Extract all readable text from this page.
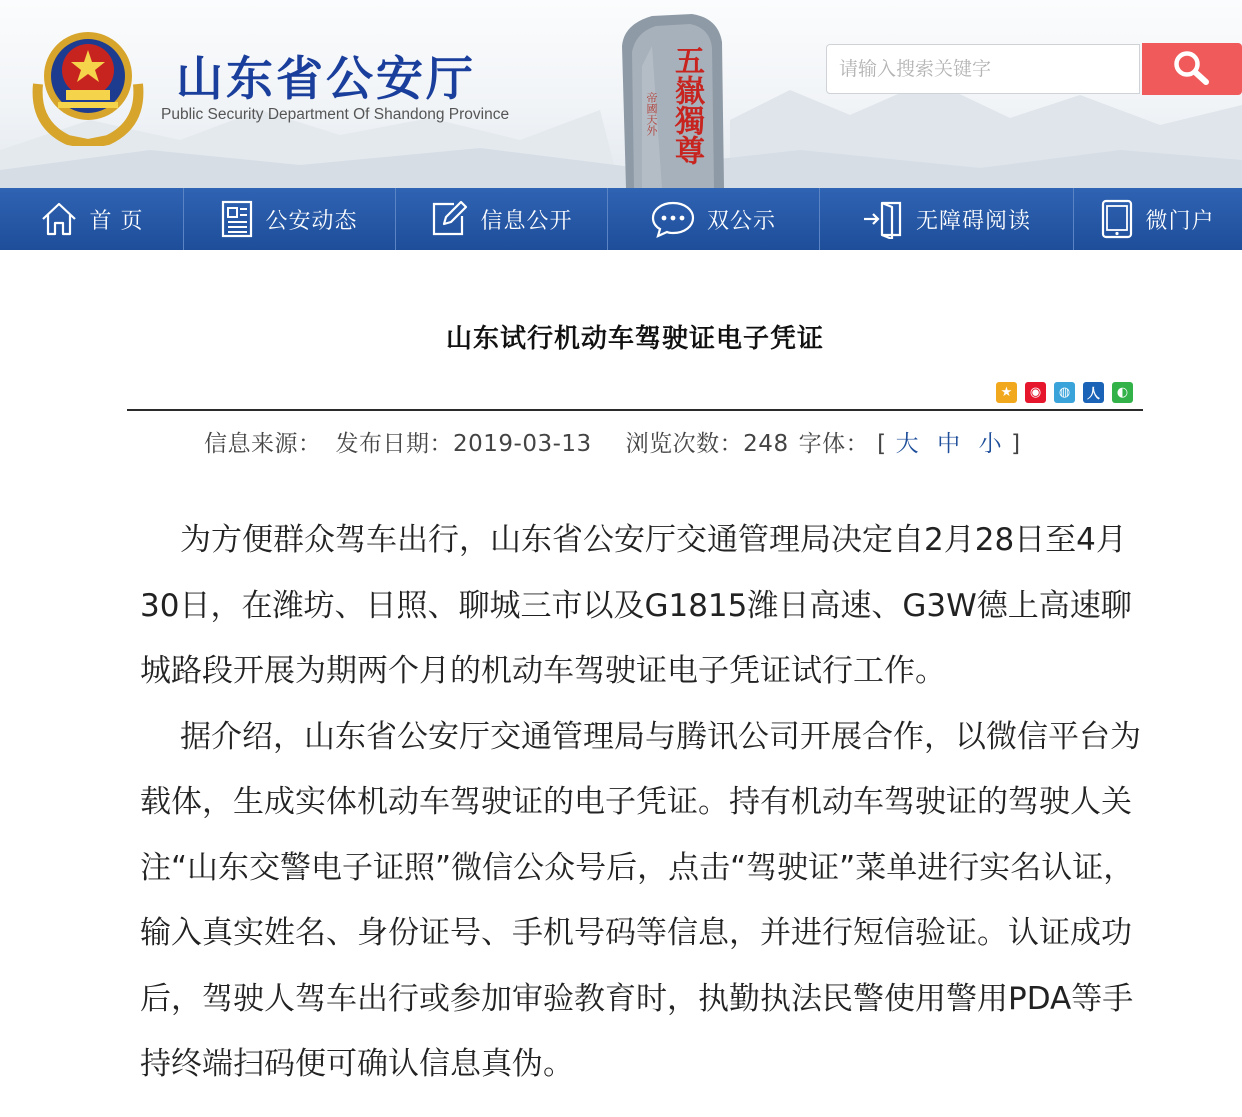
山东省公安厅
Public Security Department Of Shandong Province	五嶽獨尊
帝國天外
请输入搜索关键字
首 页	公安动态	信息公开	双公示	无障碍阅读	微门户
山东试行机动车驾驶证电子凭证
★	◉	◍	人	◐
信息来源： 发布日期：2019-03-13 浏览次数：248 字体： [ 大 中 小 ]

为方便群众驾车出行，山东省公安厅交通管理局决定自2月28日至4月30日，在潍坊、日照、聊城三市以及G1815潍日高速、G3W德上高速聊城路段开展为期两个月的机动车驾驶证电子凭证试行工作。

据介绍，山东省公安厅交通管理局与腾讯公司开展合作，以微信平台为载体，生成实体机动车驾驶证的电子凭证。持有机动车驾驶证的驾驶人关注“山东交警电子证照”微信公众号后，点击“驾驶证”菜单进行实名认证，输入真实姓名、身份证号、手机号码等信息，并进行短信验证。认证成功后，驾驶人驾车出行或参加审验教育时，执勤执法民警使用警用PDA等手持终端扫码便可确认信息真伪。
